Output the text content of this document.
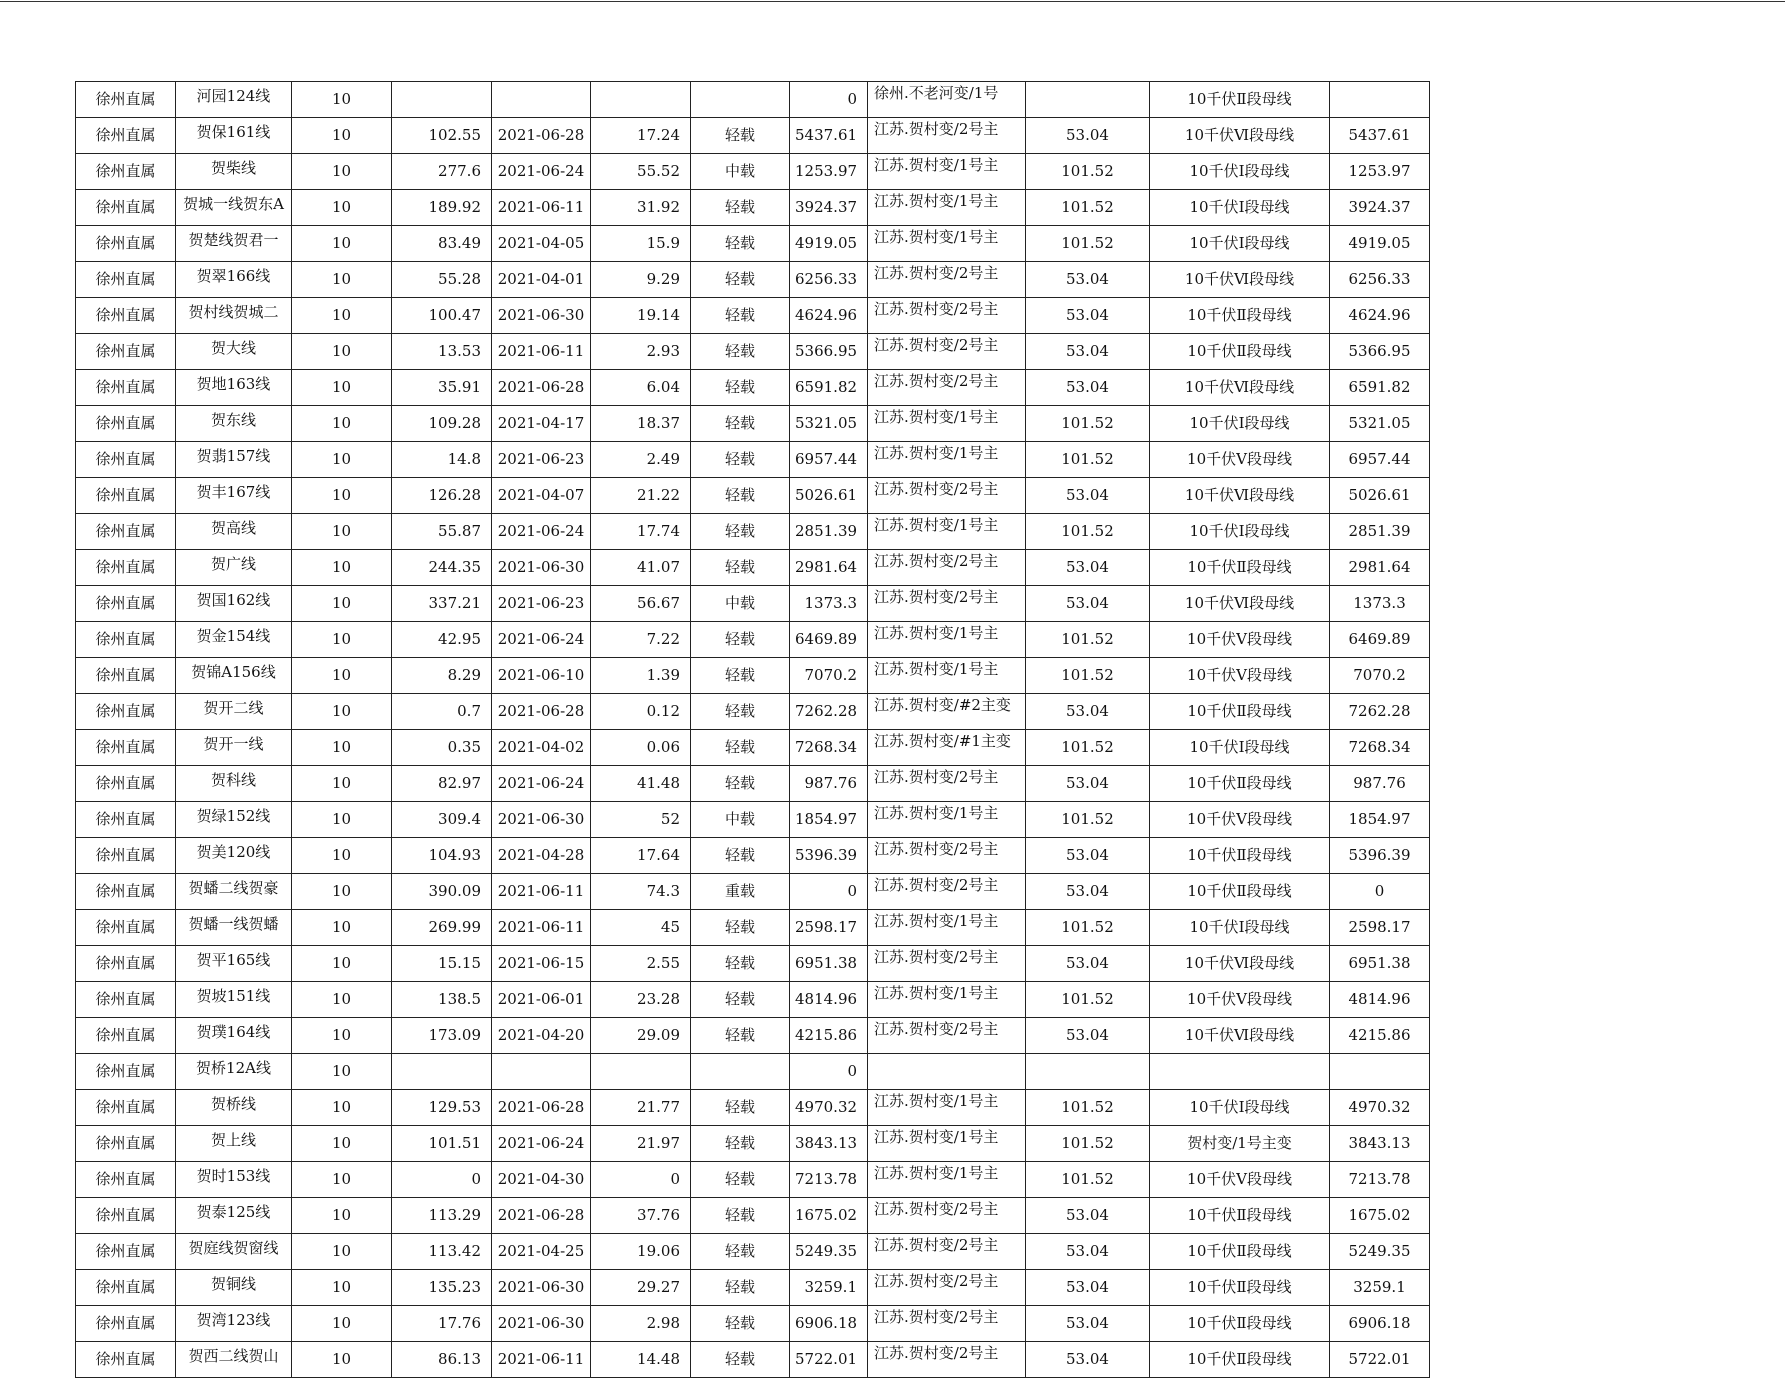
徐州直属	河园124线	10					0	徐州.不老河变/1号		10千伏Ⅱ段母线	
徐州直属	贺保161线	10	102.55	2021-06-28	17.24	轻载	5437.61	江苏.贺村变/2号主	53.04	10千伏Ⅵ段母线	5437.61
徐州直属	贺柴线	10	277.6	2021-06-24	55.52	中载	1253.97	江苏.贺村变/1号主	101.52	10千伏Ⅰ段母线	1253.97
徐州直属	贺城一线贺东A	10	189.92	2021-06-11	31.92	轻载	3924.37	江苏.贺村变/1号主	101.52	10千伏Ⅰ段母线	3924.37
徐州直属	贺楚线贺君一	10	83.49	2021-04-05	15.9	轻载	4919.05	江苏.贺村变/1号主	101.52	10千伏Ⅰ段母线	4919.05
徐州直属	贺翠166线	10	55.28	2021-04-01	9.29	轻载	6256.33	江苏.贺村变/2号主	53.04	10千伏Ⅵ段母线	6256.33
徐州直属	贺村线贺城二	10	100.47	2021-06-30	19.14	轻载	4624.96	江苏.贺村变/2号主	53.04	10千伏Ⅱ段母线	4624.96
徐州直属	贺大线	10	13.53	2021-06-11	2.93	轻载	5366.95	江苏.贺村变/2号主	53.04	10千伏Ⅱ段母线	5366.95
徐州直属	贺地163线	10	35.91	2021-06-28	6.04	轻载	6591.82	江苏.贺村变/2号主	53.04	10千伏Ⅵ段母线	6591.82
徐州直属	贺东线	10	109.28	2021-04-17	18.37	轻载	5321.05	江苏.贺村变/1号主	101.52	10千伏Ⅰ段母线	5321.05
徐州直属	贺翡157线	10	14.8	2021-06-23	2.49	轻载	6957.44	江苏.贺村变/1号主	101.52	10千伏Ⅴ段母线	6957.44
徐州直属	贺丰167线	10	126.28	2021-04-07	21.22	轻载	5026.61	江苏.贺村变/2号主	53.04	10千伏Ⅵ段母线	5026.61
徐州直属	贺高线	10	55.87	2021-06-24	17.74	轻载	2851.39	江苏.贺村变/1号主	101.52	10千伏Ⅰ段母线	2851.39
徐州直属	贺广线	10	244.35	2021-06-30	41.07	轻载	2981.64	江苏.贺村变/2号主	53.04	10千伏Ⅱ段母线	2981.64
徐州直属	贺国162线	10	337.21	2021-06-23	56.67	中载	1373.3	江苏.贺村变/2号主	53.04	10千伏Ⅵ段母线	1373.3
徐州直属	贺金154线	10	42.95	2021-06-24	7.22	轻载	6469.89	江苏.贺村变/1号主	101.52	10千伏Ⅴ段母线	6469.89
徐州直属	贺锦A156线	10	8.29	2021-06-10	1.39	轻载	7070.2	江苏.贺村变/1号主	101.52	10千伏Ⅴ段母线	7070.2
徐州直属	贺开二线	10	0.7	2021-06-28	0.12	轻载	7262.28	江苏.贺村变/#2主变	53.04	10千伏Ⅱ段母线	7262.28
徐州直属	贺开一线	10	0.35	2021-04-02	0.06	轻载	7268.34	江苏.贺村变/#1主变	101.52	10千伏Ⅰ段母线	7268.34
徐州直属	贺科线	10	82.97	2021-06-24	41.48	轻载	987.76	江苏.贺村变/2号主	53.04	10千伏Ⅱ段母线	987.76
徐州直属	贺绿152线	10	309.4	2021-06-30	52	中载	1854.97	江苏.贺村变/1号主	101.52	10千伏Ⅴ段母线	1854.97
徐州直属	贺美120线	10	104.93	2021-04-28	17.64	轻载	5396.39	江苏.贺村变/2号主	53.04	10千伏Ⅱ段母线	5396.39
徐州直属	贺蟠二线贺豪	10	390.09	2021-06-11	74.3	重载	0	江苏.贺村变/2号主	53.04	10千伏Ⅱ段母线	0
徐州直属	贺蟠一线贺蟠	10	269.99	2021-06-11	45	轻载	2598.17	江苏.贺村变/1号主	101.52	10千伏Ⅰ段母线	2598.17
徐州直属	贺平165线	10	15.15	2021-06-15	2.55	轻载	6951.38	江苏.贺村变/2号主	53.04	10千伏Ⅵ段母线	6951.38
徐州直属	贺坡151线	10	138.5	2021-06-01	23.28	轻载	4814.96	江苏.贺村变/1号主	101.52	10千伏Ⅴ段母线	4814.96
徐州直属	贺璞164线	10	173.09	2021-04-20	29.09	轻载	4215.86	江苏.贺村变/2号主	53.04	10千伏Ⅵ段母线	4215.86
徐州直属	贺桥12A线	10					0				
徐州直属	贺桥线	10	129.53	2021-06-28	21.77	轻载	4970.32	江苏.贺村变/1号主	101.52	10千伏Ⅰ段母线	4970.32
徐州直属	贺上线	10	101.51	2021-06-24	21.97	轻载	3843.13	江苏.贺村变/1号主	101.52	贺村变/1号主变	3843.13
徐州直属	贺时153线	10	0	2021-04-30	0	轻载	7213.78	江苏.贺村变/1号主	101.52	10千伏Ⅴ段母线	7213.78
徐州直属	贺泰125线	10	113.29	2021-06-28	37.76	轻载	1675.02	江苏.贺村变/2号主	53.04	10千伏Ⅱ段母线	1675.02
徐州直属	贺庭线贺窗线	10	113.42	2021-04-25	19.06	轻载	5249.35	江苏.贺村变/2号主	53.04	10千伏Ⅱ段母线	5249.35
徐州直属	贺铜线	10	135.23	2021-06-30	29.27	轻载	3259.1	江苏.贺村变/2号主	53.04	10千伏Ⅱ段母线	3259.1
徐州直属	贺湾123线	10	17.76	2021-06-30	2.98	轻载	6906.18	江苏.贺村变/2号主	53.04	10千伏Ⅱ段母线	6906.18
徐州直属	贺西二线贺山	10	86.13	2021-06-11	14.48	轻载	5722.01	江苏.贺村变/2号主	53.04	10千伏Ⅱ段母线	5722.01
